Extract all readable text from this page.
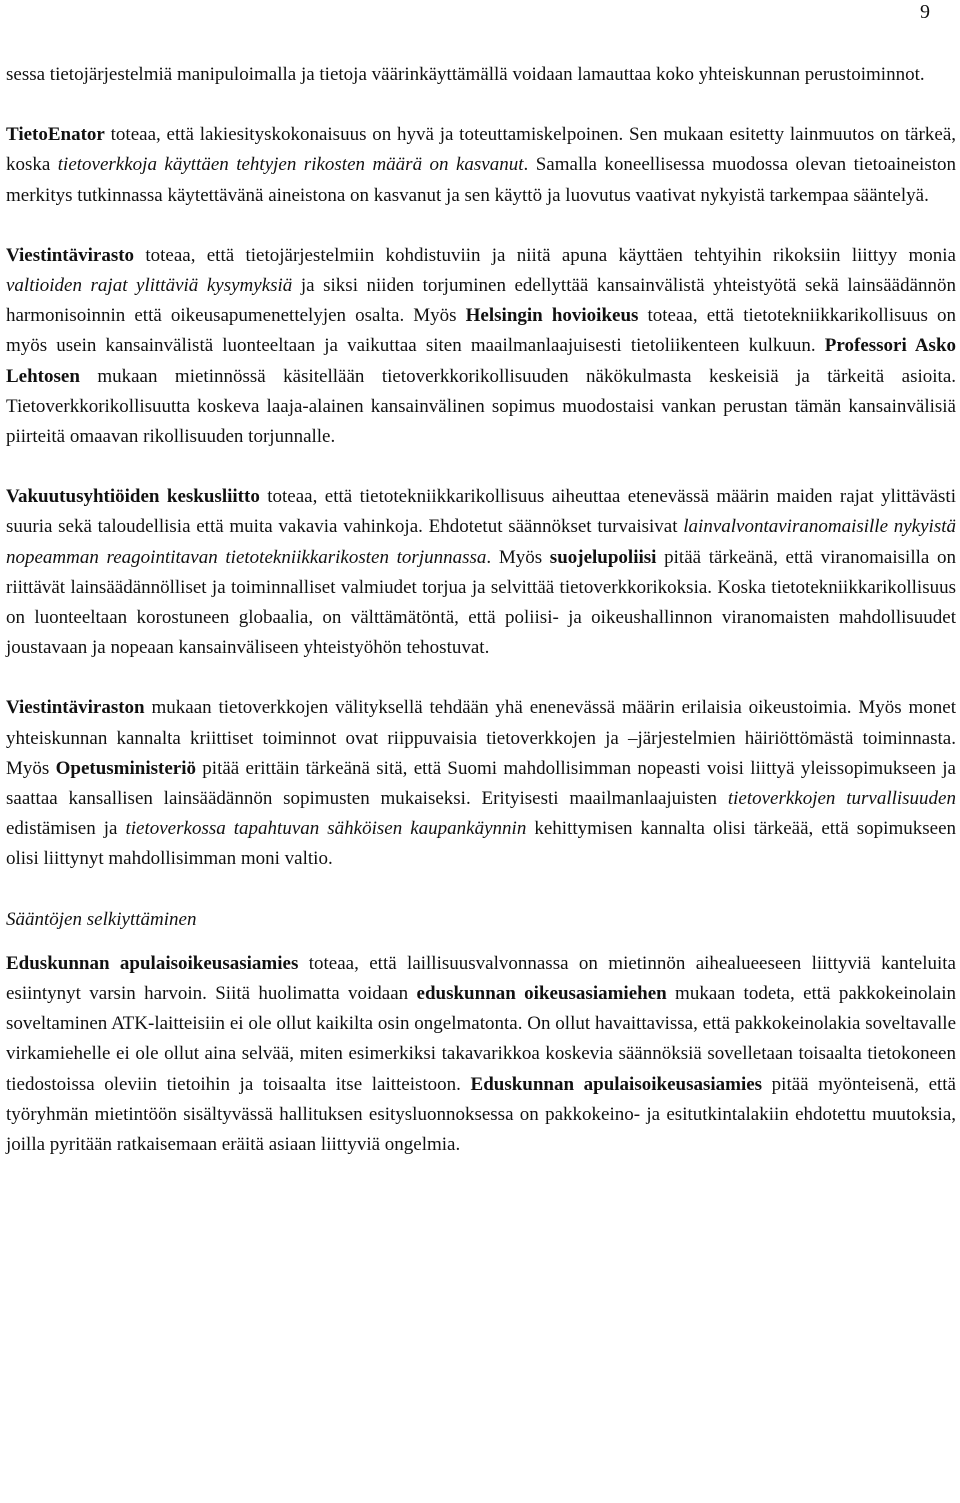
9

sessa tietojärjestelmiä manipuloimalla ja tietoja väärinkäyttämällä voidaan lamauttaa koko yhteiskunnan perustoiminnot.

TietoEnator toteaa, että lakiesityskokonaisuus on hyvä ja toteuttamiskelpoinen. Sen mukaan esitetty lainmuutos on tärkeä, koska tietoverkkoja käyttäen tehtyjen rikosten määrä on kasvanut. Samalla koneellisessa muodossa olevan tietoaineiston merkitys tutkinnassa käytettävänä aineistona on kasvanut ja sen käyttö ja luovutus vaativat nykyistä tarkempaa sääntelyä.

Viestintävirasto toteaa, että tietojärjestelmiin kohdistuviin ja niitä apuna käyttäen tehtyihin rikoksiin liittyy monia valtioiden rajat ylittäviä kysymyksiä ja siksi niiden torjuminen edellyttää kansainvälistä yhteistyötä sekä lainsäädännön harmonisoinnin että oikeusapumenettelyjen osalta. Myös Helsingin hovioikeus toteaa, että tietotekniikkarikollisuus on myös usein kansainvälistä luonteeltaan ja vaikuttaa siten maailmanlaajuisesti tietoliikenteen kulkuun. Professori Asko Lehtosen mukaan mietinnössä käsitellään tietoverkkorikollisuuden näkökulmasta keskeisiä ja tärkeitä asioita. Tietoverkkorikollisuutta koskeva laaja-alainen kansainvälinen sopimus muodostaisi vankan perustan tämän kansainvälisiä piirteitä omaavan rikollisuuden torjunnalle.

Vakuutusyhtiöiden keskusliitto toteaa, että tietotekniikkarikollisuus aiheuttaa etenevässä määrin maiden rajat ylittävästi suuria sekä taloudellisia että muita vakavia vahinkoja. Ehdotetut säännökset turvaisivat lainvalvontaviranomaisille nykyistä nopeamman reagointitavan tietotekniikkarikosten torjunnassa. Myös suojelupoliisi pitää tärkeänä, että viranomaisilla on riittävät lainsäädännölliset ja toiminnalliset valmiudet torjua ja selvittää tietoverkkorikoksia. Koska tietotekniikkarikollisuus on luonteeltaan korostuneen globaalia, on välttämätöntä, että poliisi- ja oikeushallinnon viranomaisten mahdollisuudet joustavaan ja nopeaan kansainväliseen yhteistyöhön tehostuvat.

Viestintäviraston mukaan tietoverkkojen välityksellä tehdään yhä enenevässä määrin erilaisia oikeustoimia. Myös monet yhteiskunnan kannalta kriittiset toiminnot ovat riippuvaisia tietoverkkojen ja –järjestelmien häiriöttömästä toiminnasta. Myös Opetusministeriö pitää erittäin tärkeänä sitä, että Suomi mahdollisimman nopeasti voisi liittyä yleissopimukseen ja saattaa kansallisen lainsäädännön sopimusten mukaiseksi. Erityisesti maailmanlaajuisten tietoverkkojen turvallisuuden edistämisen ja tietoverkossa tapahtuvan sähköisen kaupankäynnin kehittymisen kannalta olisi tärkeää, että sopimukseen olisi liittynyt mahdollisimman moni valtio.

Sääntöjen selkiyttäminen

Eduskunnan apulaisoikeusasiamies toteaa, että laillisuusvalvonnassa on mietinnön aihealueeseen liittyviä kanteluita esiintynyt varsin harvoin. Siitä huolimatta voidaan eduskunnan oikeusasiamiehen mukaan todeta, että pakkokeinolain soveltaminen ATK-laitteisiin ei ole ollut kaikilta osin ongelmatonta. On ollut havaittavissa, että pakkokeinolakia soveltavalle virkamiehelle ei ole ollut aina selvää, miten esimerkiksi takavarikkoa koskevia säännöksiä sovelletaan toisaalta tietokoneen tiedostoissa oleviin tietoihin ja toisaalta itse laitteistoon. Eduskunnan apulaisoikeusasiamies pitää myönteisenä, että työryhmän mietintöön sisältyvässä hallituksen esitysluonnoksessa on pakkokeino- ja esitutkintalakiin ehdotettu muutoksia, joilla pyritään ratkaisemaan eräitä asiaan liittyviä ongelmia.
